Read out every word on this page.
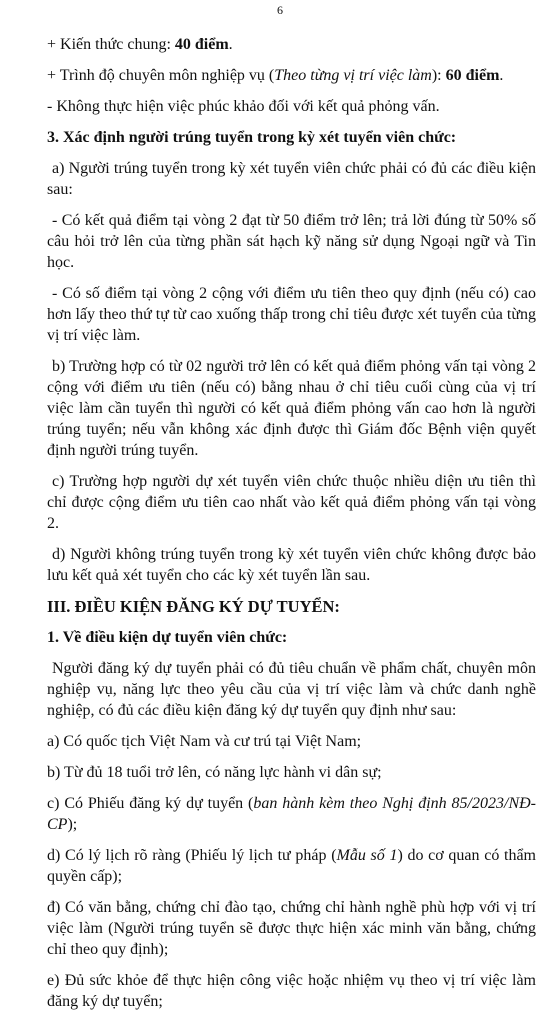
6

+ Kiến thức chung: 40 điểm.

+ Trình độ chuyên môn nghiệp vụ (Theo từng vị trí việc làm): 60 điểm.

- Không thực hiện việc phúc khảo đối với kết quả phỏng vấn.

3. Xác định người trúng tuyển trong kỳ xét tuyển viên chức:

a) Người trúng tuyển trong kỳ xét tuyển viên chức phải có đủ các điều kiện sau:

- Có kết quả điểm tại vòng 2 đạt từ 50 điểm trở lên; trả lời đúng từ 50% số câu hỏi trở lên của từng phần sát hạch kỹ năng sử dụng Ngoại ngữ và Tin học.

- Có số điểm tại vòng 2 cộng với điểm ưu tiên theo quy định (nếu có) cao hơn lấy theo thứ tự từ cao xuống thấp trong chỉ tiêu được xét tuyển của từng vị trí việc làm.

b) Trường hợp có từ 02 người trở lên có kết quả điểm phỏng vấn tại vòng 2 cộng với điểm ưu tiên (nếu có) bằng nhau ở chỉ tiêu cuối cùng của vị trí việc làm cần tuyển thì người có kết quả điểm phỏng vấn cao hơn là người trúng tuyển; nếu vẫn không xác định được thì Giám đốc Bệnh viện quyết định người trúng tuyển.

c) Trường hợp người dự xét tuyển viên chức thuộc nhiều diện ưu tiên thì chỉ được cộng điểm ưu tiên cao nhất vào kết quả điểm phỏng vấn tại vòng 2.

d) Người không trúng tuyển trong kỳ xét tuyển viên chức không được bảo lưu kết quả xét tuyển cho các kỳ xét tuyển lần sau.

III. ĐIỀU KIỆN ĐĂNG KÝ DỰ TUYỂN:

1. Về điều kiện dự tuyển viên chức:

Người đăng ký dự tuyển phải có đủ tiêu chuẩn về phẩm chất, chuyên môn nghiệp vụ, năng lực theo yêu cầu của vị trí việc làm và chức danh nghề nghiệp, có đủ các điều kiện đăng ký dự tuyển quy định như sau:

a) Có quốc tịch Việt Nam và cư trú tại Việt Nam;

b) Từ đủ 18 tuổi trở lên, có năng lực hành vi dân sự;

c) Có Phiếu đăng ký dự tuyển (ban hành kèm theo Nghị định 85/2023/NĐ-CP);

d) Có lý lịch rõ ràng (Phiếu lý lịch tư pháp (Mẫu số 1) do cơ quan có thẩm quyền cấp);

đ) Có văn bằng, chứng chỉ đào tạo, chứng chỉ hành nghề phù hợp với vị trí việc làm (Người trúng tuyển sẽ được thực hiện xác minh văn bằng, chứng chỉ theo quy định);

e) Đủ sức khỏe để thực hiện công việc hoặc nhiệm vụ theo vị trí việc làm đăng ký dự tuyển;
